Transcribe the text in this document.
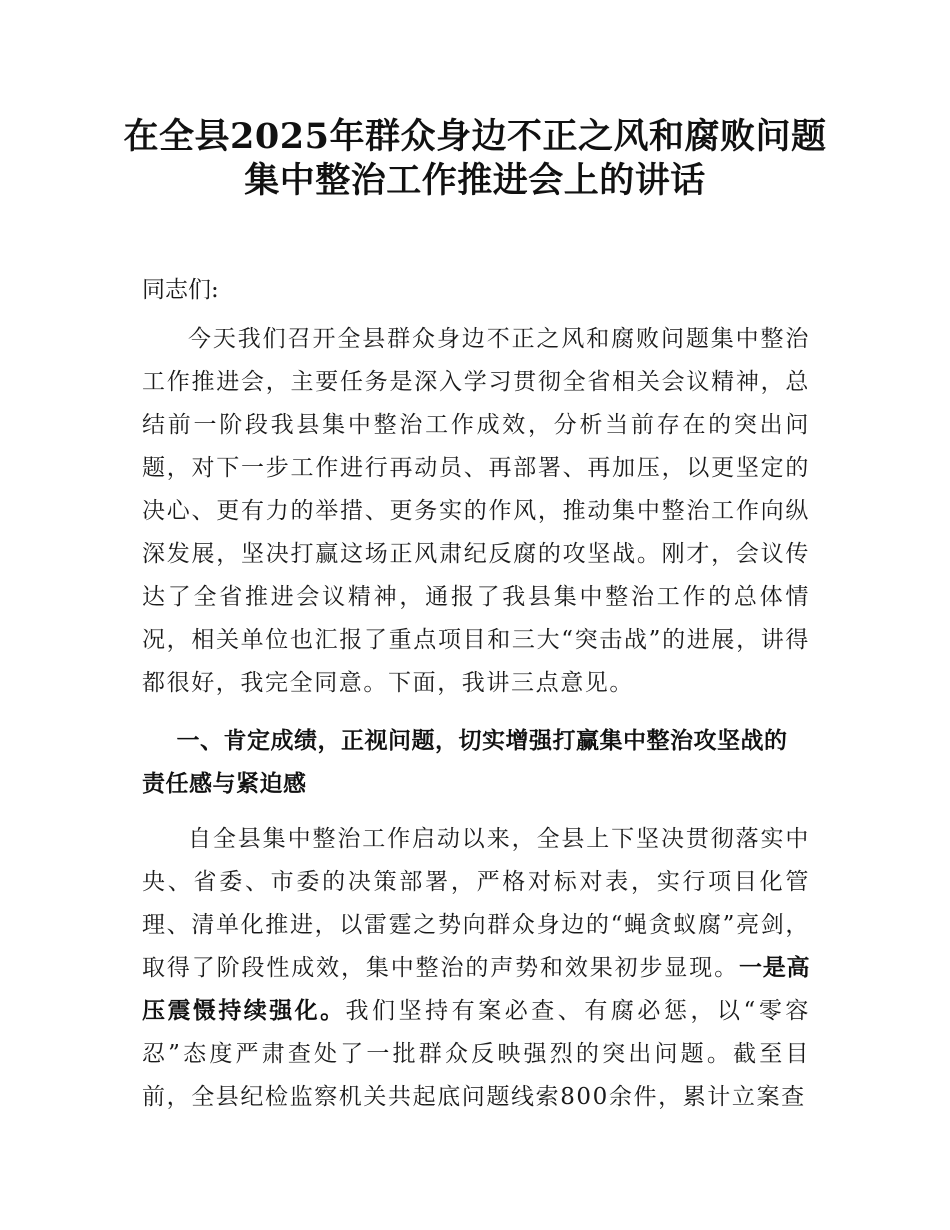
在全县2025年群众身边不正之风和腐败问题
集中整治工作推进会上的讲话
同志们:

今天我们召开全县群众身边不正之风和腐败问题集中整治工作推进会，主要任务是深入学习贯彻全省相关会议精神，总结前一阶段我县集中整治工作成效，分析当前存在的突出问题，对下一步工作进行再动员、再部署、再加压，以更坚定的决心、更有力的举措、更务实的作风，推动集中整治工作向纵深发展，坚决打赢这场正风肃纪反腐的攻坚战。刚才，会议传达了全省推进会议精神，通报了我县集中整治工作的总体情况，相关单位也汇报了重点项目和三大“突击战”的进展，讲得都很好，我完全同意。下面，我讲三点意见。

一、肯定成绩，正视问题，切实增强打赢集中整治攻坚战的责任感与紧迫感

自全县集中整治工作启动以来，全县上下坚决贯彻落实中央、省委、市委的决策部署，严格对标对表，实行项目化管理、清单化推进，以雷霆之势向群众身边的“蝇贪蚁腐”亮剑，取得了阶段性成效，集中整治的声势和效果初步显现。一是高压震慑持续强化。我们坚持有案必查、有腐必惩，以“零容忍”态度严肃查处了一批群众反映强烈的突出问题。截至目前，全县纪检监察机关共起底问题线索800余件，累计立案查
